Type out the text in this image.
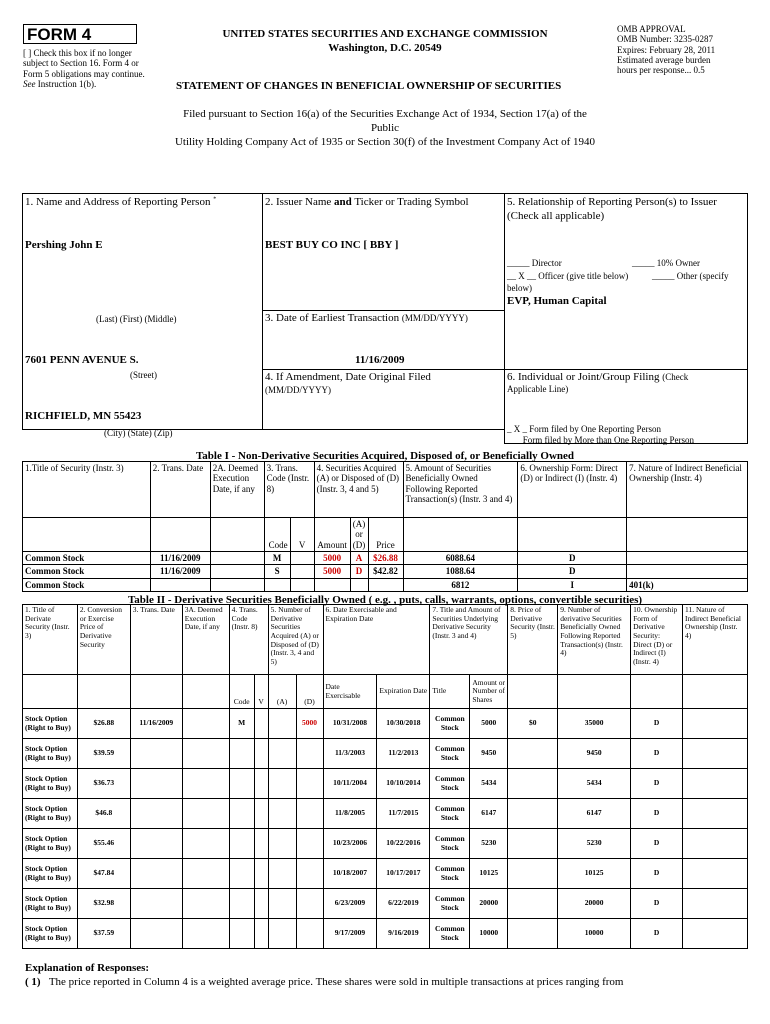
FORM 4
[ ] Check this box if no longer subject to Section 16. Form 4 or Form 5 obligations may continue. See Instruction 1(b).
UNITED STATES SECURITIES AND EXCHANGE COMMISSION
Washington, D.C. 20549
STATEMENT OF CHANGES IN BENEFICIAL OWNERSHIP OF SECURITIES
OMB APPROVAL
OMB Number: 3235-0287
Expires: February 28, 2011
Estimated average burden
hours per response... 0.5
Filed pursuant to Section 16(a) of the Securities Exchange Act of 1934, Section 17(a) of the
Public
Utility Holding Company Act of 1935 or Section 30(f) of the Investment Company Act of 1940
1. Name and Address of Reporting Person *
Pershing John E
(Last) (First) (Middle)
7601 PENN AVENUE S.
(Street)
RICHFIELD, MN 55423
(City) (State) (Zip)
2. Issuer Name and Ticker or Trading Symbol
BEST BUY CO INC [ BBY ]
3. Date of Earliest Transaction (MM/DD/YYYY)
11/16/2009
4. If Amendment, Date Original Filed
(MM/DD/YYYY)
5. Relationship of Reporting Person(s) to Issuer
(Check all applicable)
_____ Director	_____ 10% Owner
__ X __ Officer (give title below)	_____ Other (specify
below)
EVP, Human Capital
6. Individual or Joint/Group Filing (Check
Applicable Line)
_ X _ Form filed by One Reporting Person
___ Form filed by More than One Reporting Person
Table I - Non-Derivative Securities Acquired, Disposed of, or Beneficially Owned
1.Title of Security (Instr. 3)	2. Trans. Date	2A. Deemed Execution Date, if any	3. Trans. Code (Instr. 8)		4. Securities Acquired (A) or Disposed of (D) (Instr. 3, 4 and 5)			5. Amount of Securities Beneficially Owned Following Reported Transaction(s) (Instr. 3 and 4)	6. Ownership Form: Direct (D) or Indirect (I) (Instr. 4)	7. Nature of Indirect Beneficial Ownership (Instr. 4)
			Code	V	Amount	(A) or (D)	Price			
Common Stock	11/16/2009		M		5000	A	$26.88	6088.64	D	
Common Stock	11/16/2009		S		5000	D	$42.82	1088.64	D	
Common Stock								6812	I	401(k)
Table II - Derivative Securities Beneficially Owned ( e.g. , puts, calls, warrants, options, convertible securities)
1. Title of Derivate Security (Instr. 3)	2. Conversion or Exercise Price of Derivative Security	3. Trans. Date	3A. Deemed Execution Date, if any	4. Trans. Code (Instr. 8)		5. Number of Derivative Securities Acquired (A) or Disposed of (D) (Instr. 3, 4 and 5)		6. Date Exercisable and Expiration Date		7. Title and Amount of Securities Underlying Derivative Security (Instr. 3 and 4)		8. Price of Derivative Security (Instr. 5)	9. Number of derivative Securities Beneficially Owned Following Reported Transaction(s) (Instr. 4)	10. Ownership Form of Derivative Security: Direct (D) or Indirect (I) (Instr. 4)	11. Nature of Indirect Beneficial Ownership (Instr. 4)
				Code	V	(A)	(D)	Date Exercisable	Expiration Date	Title	Amount or Number of Shares				
Stock Option (Right to Buy)	$26.88	11/16/2009		M			5000	10/31/2008	10/30/2018	Common Stock	5000	$0	35000	D	
Stock Option (Right to Buy)	$39.59							11/3/2003	11/2/2013	Common Stock	9450		9450	D	
Stock Option (Right to Buy)	$36.73							10/11/2004	10/10/2014	Common Stock	5434		5434	D	
Stock Option (Right to Buy)	$46.8							11/8/2005	11/7/2015	Common Stock	6147		6147	D	
Stock Option (Right to Buy)	$55.46							10/23/2006	10/22/2016	Common Stock	5230		5230	D	
Stock Option (Right to Buy)	$47.84							10/18/2007	10/17/2017	Common Stock	10125		10125	D	
Stock Option (Right to Buy)	$32.98							6/23/2009	6/22/2019	Common Stock	20000		20000	D	
Stock Option (Right to Buy)	$37.59							9/17/2009	9/16/2019	Common Stock	10000		10000	D	
Explanation of Responses:
( 1) The price reported in Column 4 is a weighted average price. These shares were sold in multiple transactions at prices ranging from
